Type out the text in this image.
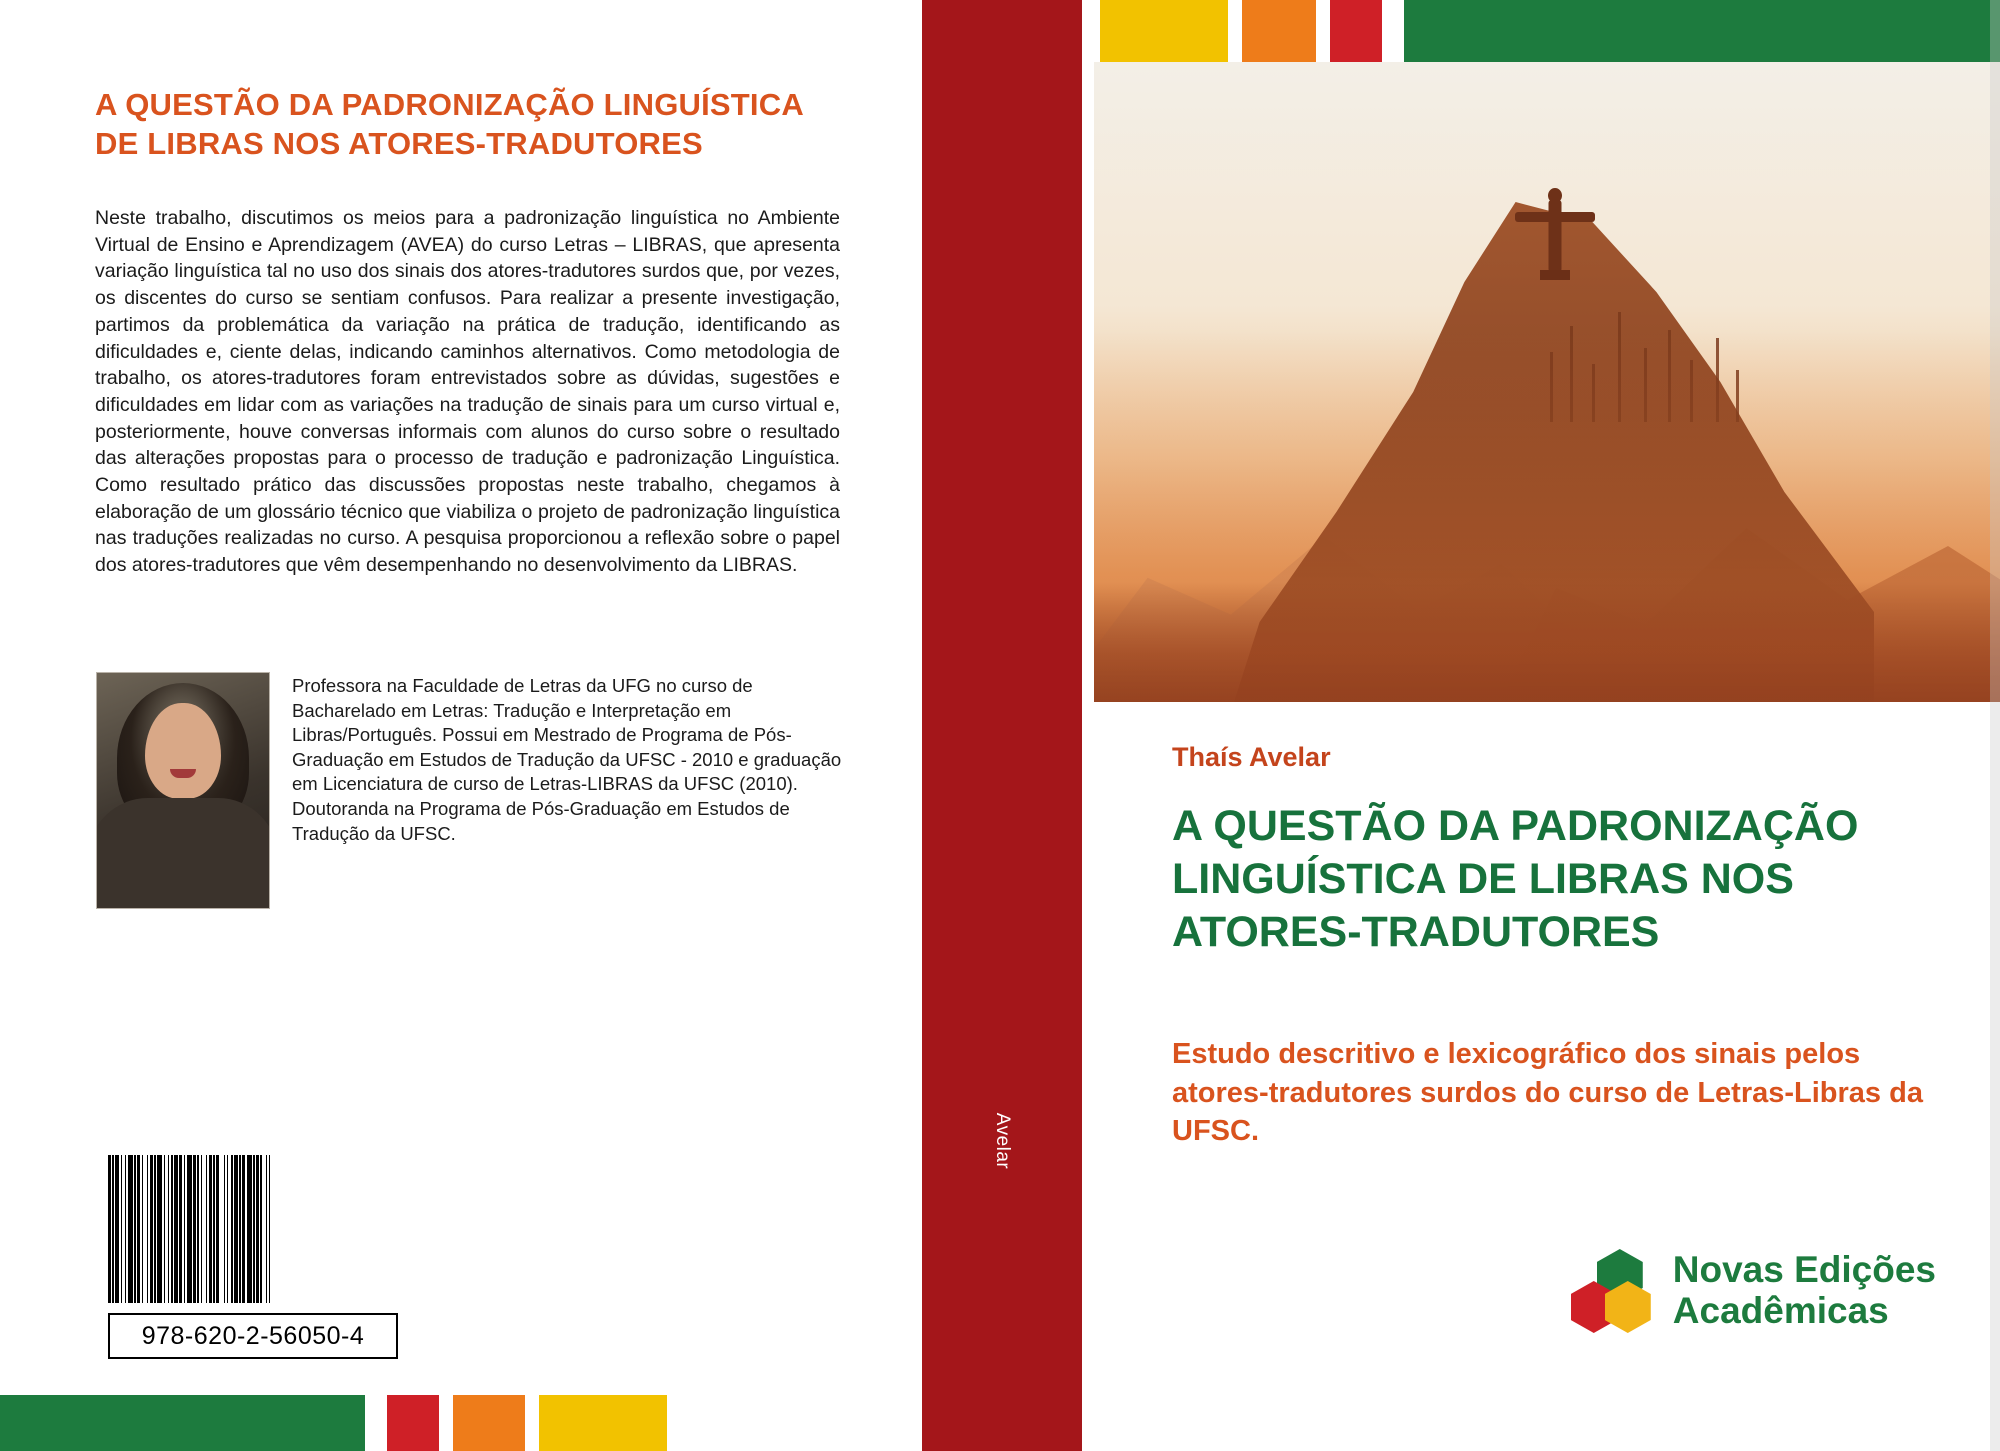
A QUESTÃO DA PADRONIZAÇÃO LINGUÍSTICA DE LIBRAS NOS ATORES-TRADUTORES
Neste trabalho, discutimos os meios para a padronização linguística no Ambiente Virtual de Ensino e Aprendizagem (AVEA) do curso Letras – LIBRAS, que apresenta variação linguística tal no uso dos sinais dos atores-tradutores surdos que, por vezes, os discentes do curso se sentiam confusos. Para realizar a presente investigação, partimos da problemática da variação na prática de tradução, identificando as dificuldades e, ciente delas, indicando caminhos alternativos. Como metodologia de trabalho, os atores-tradutores foram entrevistados sobre as dúvidas, sugestões e dificuldades em lidar com as variações na tradução de sinais para um curso virtual e, posteriormente, houve conversas informais com alunos do curso sobre o resultado das alterações propostas para o processo de tradução e padronização Linguística. Como resultado prático das discussões propostas neste trabalho, chegamos à elaboração de um glossário técnico que viabiliza o projeto de padronização linguística nas traduções realizadas no curso. A pesquisa proporcionou a reflexão sobre o papel dos atores-tradutores que vêm desempenhando no desenvolvimento da LIBRAS.
Professora na Faculdade de Letras da UFG no curso de Bacharelado em Letras: Tradução e Interpretação em Libras/Português. Possui em Mestrado de Programa de Pós-Graduação em Estudos de Tradução da UFSC - 2010 e graduação em Licenciatura de curso de Letras-LIBRAS da UFSC (2010). Doutoranda na Programa de Pós-Graduação em Estudos de Tradução da UFSC.
978-620-2-56050-4
Avelar
Thaís Avelar
A QUESTÃO DA PADRONIZAÇÃO LINGUÍSTICA DE LIBRAS NOS ATORES-TRADUTORES
Estudo descritivo e lexicográfico dos sinais pelos atores-tradutores surdos do curso de Letras-Libras da UFSC.
Novas Edições
Acadêmicas
